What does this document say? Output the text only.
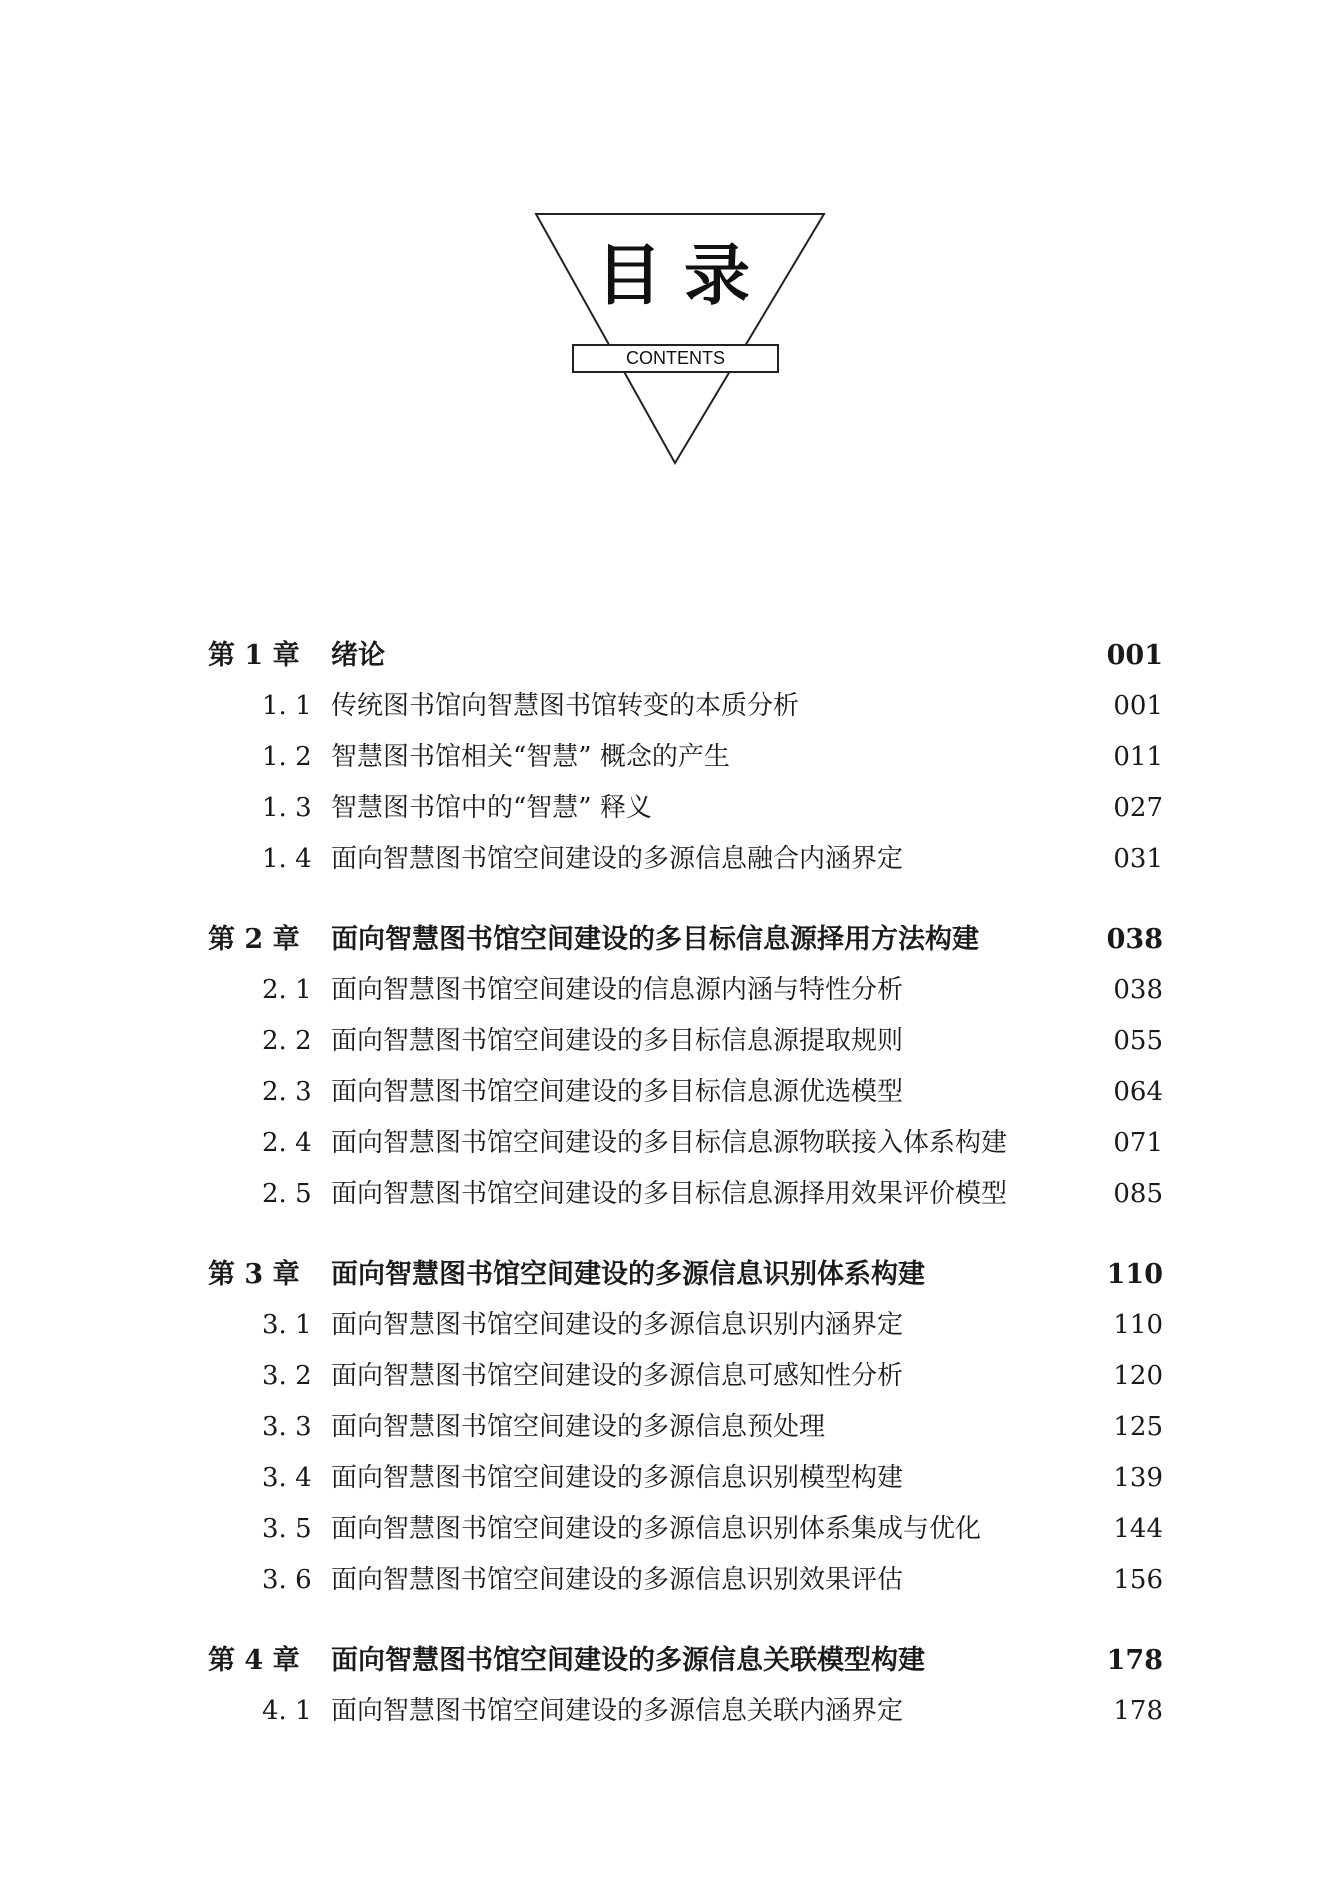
目录
CONTENTS
第 1 章 绪论	001
1. 1 传统图书馆向智慧图书馆转变的本质分析	001
1. 2 智慧图书馆相关“智慧” 概念的产生	011
1. 3 智慧图书馆中的“智慧” 释义	027
1. 4 面向智慧图书馆空间建设的多源信息融合内涵界定	031
第 2 章 面向智慧图书馆空间建设的多目标信息源择用方法构建	038
2. 1 面向智慧图书馆空间建设的信息源内涵与特性分析	038
2. 2 面向智慧图书馆空间建设的多目标信息源提取规则	055
2. 3 面向智慧图书馆空间建设的多目标信息源优选模型	064
2. 4 面向智慧图书馆空间建设的多目标信息源物联接入体系构建	071
2. 5 面向智慧图书馆空间建设的多目标信息源择用效果评价模型	085
第 3 章 面向智慧图书馆空间建设的多源信息识别体系构建	110
3. 1 面向智慧图书馆空间建设的多源信息识别内涵界定	110
3. 2 面向智慧图书馆空间建设的多源信息可感知性分析	120
3. 3 面向智慧图书馆空间建设的多源信息预处理	125
3. 4 面向智慧图书馆空间建设的多源信息识别模型构建	139
3. 5 面向智慧图书馆空间建设的多源信息识别体系集成与优化	144
3. 6 面向智慧图书馆空间建设的多源信息识别效果评估	156
第 4 章 面向智慧图书馆空间建设的多源信息关联模型构建	178
4. 1 面向智慧图书馆空间建设的多源信息关联内涵界定	178
